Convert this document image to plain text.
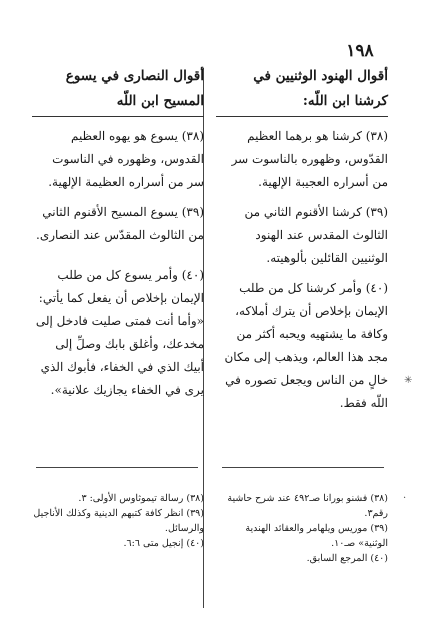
١٩٨

أقوال الهنود الوثنيين في كرشنا ابن اللّه:

(٣٨) كرشنا هو برهما العظيم القدّوس، وظهوره بالناسوت سر من أسراره العجيبة الإلهية.

(٣٩) كرشنا الأقنوم الثاني من الثالوث المقدس عند الهنود الوثنيين القائلين بألوهيته.

(٤٠) وأمر كرشنا كل من طلب الإيمان بإخلاص أن يترك أملاكه، وكافة ما يشتهيه ويحبه أكثر من مجد هذا العالم، ويذهب إلى مكان خالٍ من الناس ويجعل تصوره في اللّه فقط.

أقوال النصارى في يسوع المسيح ابن اللّه

(٣٨) يسوع هو يهوه العظيم القدوس، وظهوره في الناسوت سر من أسراره العظيمة الإلهية.

(٣٩) يسوع المسيح الأقنوم الثاني من الثالوث المقدّس عند النصارى.

(٤٠) وأمر يسوع كل من طلب الإيمان بإخلاص أن يفعل كما يأتي: «وأما أنت فمتى صليت فادخل إلى مخدعك، وأغلق بابك وصلِّ إلى أبيك الذي في الخفاء، فأبوك الذي يرى في الخفاء يجازيك علانية».

(٣٨) فشنو بورانا صـ٤٩٢ عند شرح حاشية رقم٣.

(٣٩) موريس ويلهامر والعقائد الهندية الوثنية» صـ١٠.

(٤٠) المرجع السابق.

(٣٨) رسالة تيموثاوس الأولى: ٣.

(٣٩) انظر كافة كتبهم الدينية وكذلك الأناجيل والرسائل.

(٤٠) إنجيل متى ٦:٦.

✳
·
